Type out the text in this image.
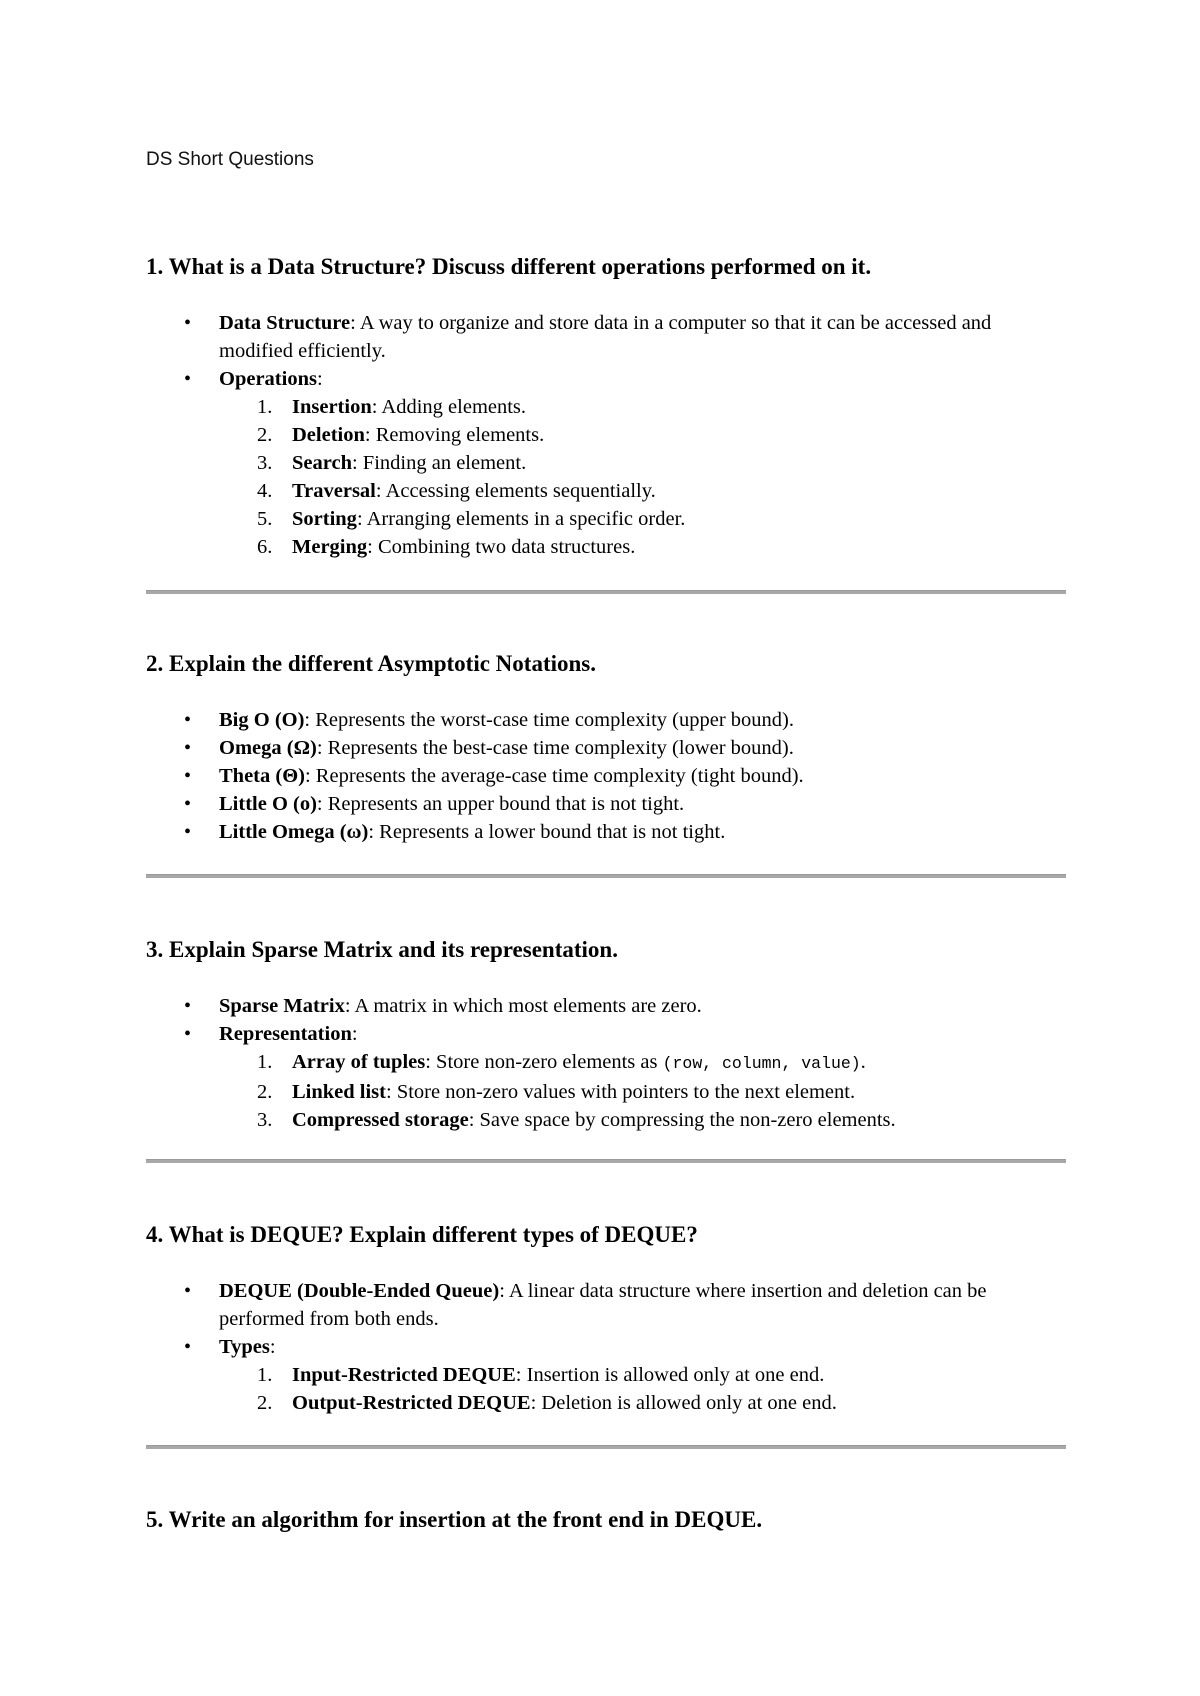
DS Short Questions
1. What is a Data Structure? Discuss different operations performed on it.
• Data Structure: A way to organize and store data in a computer so that it can be accessed and modified efficiently.
• Operations:
1. Insertion: Adding elements.
2. Deletion: Removing elements.
3. Search: Finding an element.
4. Traversal: Accessing elements sequentially.
5. Sorting: Arranging elements in a specific order.
6. Merging: Combining two data structures.
2. Explain the different Asymptotic Notations.
• Big O (O): Represents the worst-case time complexity (upper bound).
• Omega (Ω): Represents the best-case time complexity (lower bound).
• Theta (Θ): Represents the average-case time complexity (tight bound).
• Little O (o): Represents an upper bound that is not tight.
• Little Omega (ω): Represents a lower bound that is not tight.
3. Explain Sparse Matrix and its representation.
• Sparse Matrix: A matrix in which most elements are zero.
• Representation:
1. Array of tuples: Store non-zero elements as (row, column, value).
2. Linked list: Store non-zero values with pointers to the next element.
3. Compressed storage: Save space by compressing the non-zero elements.
4. What is DEQUE? Explain different types of DEQUE?
• DEQUE (Double-Ended Queue): A linear data structure where insertion and deletion can be performed from both ends.
• Types:
1. Input-Restricted DEQUE: Insertion is allowed only at one end.
2. Output-Restricted DEQUE: Deletion is allowed only at one end.
5. Write an algorithm for insertion at the front end in DEQUE.
